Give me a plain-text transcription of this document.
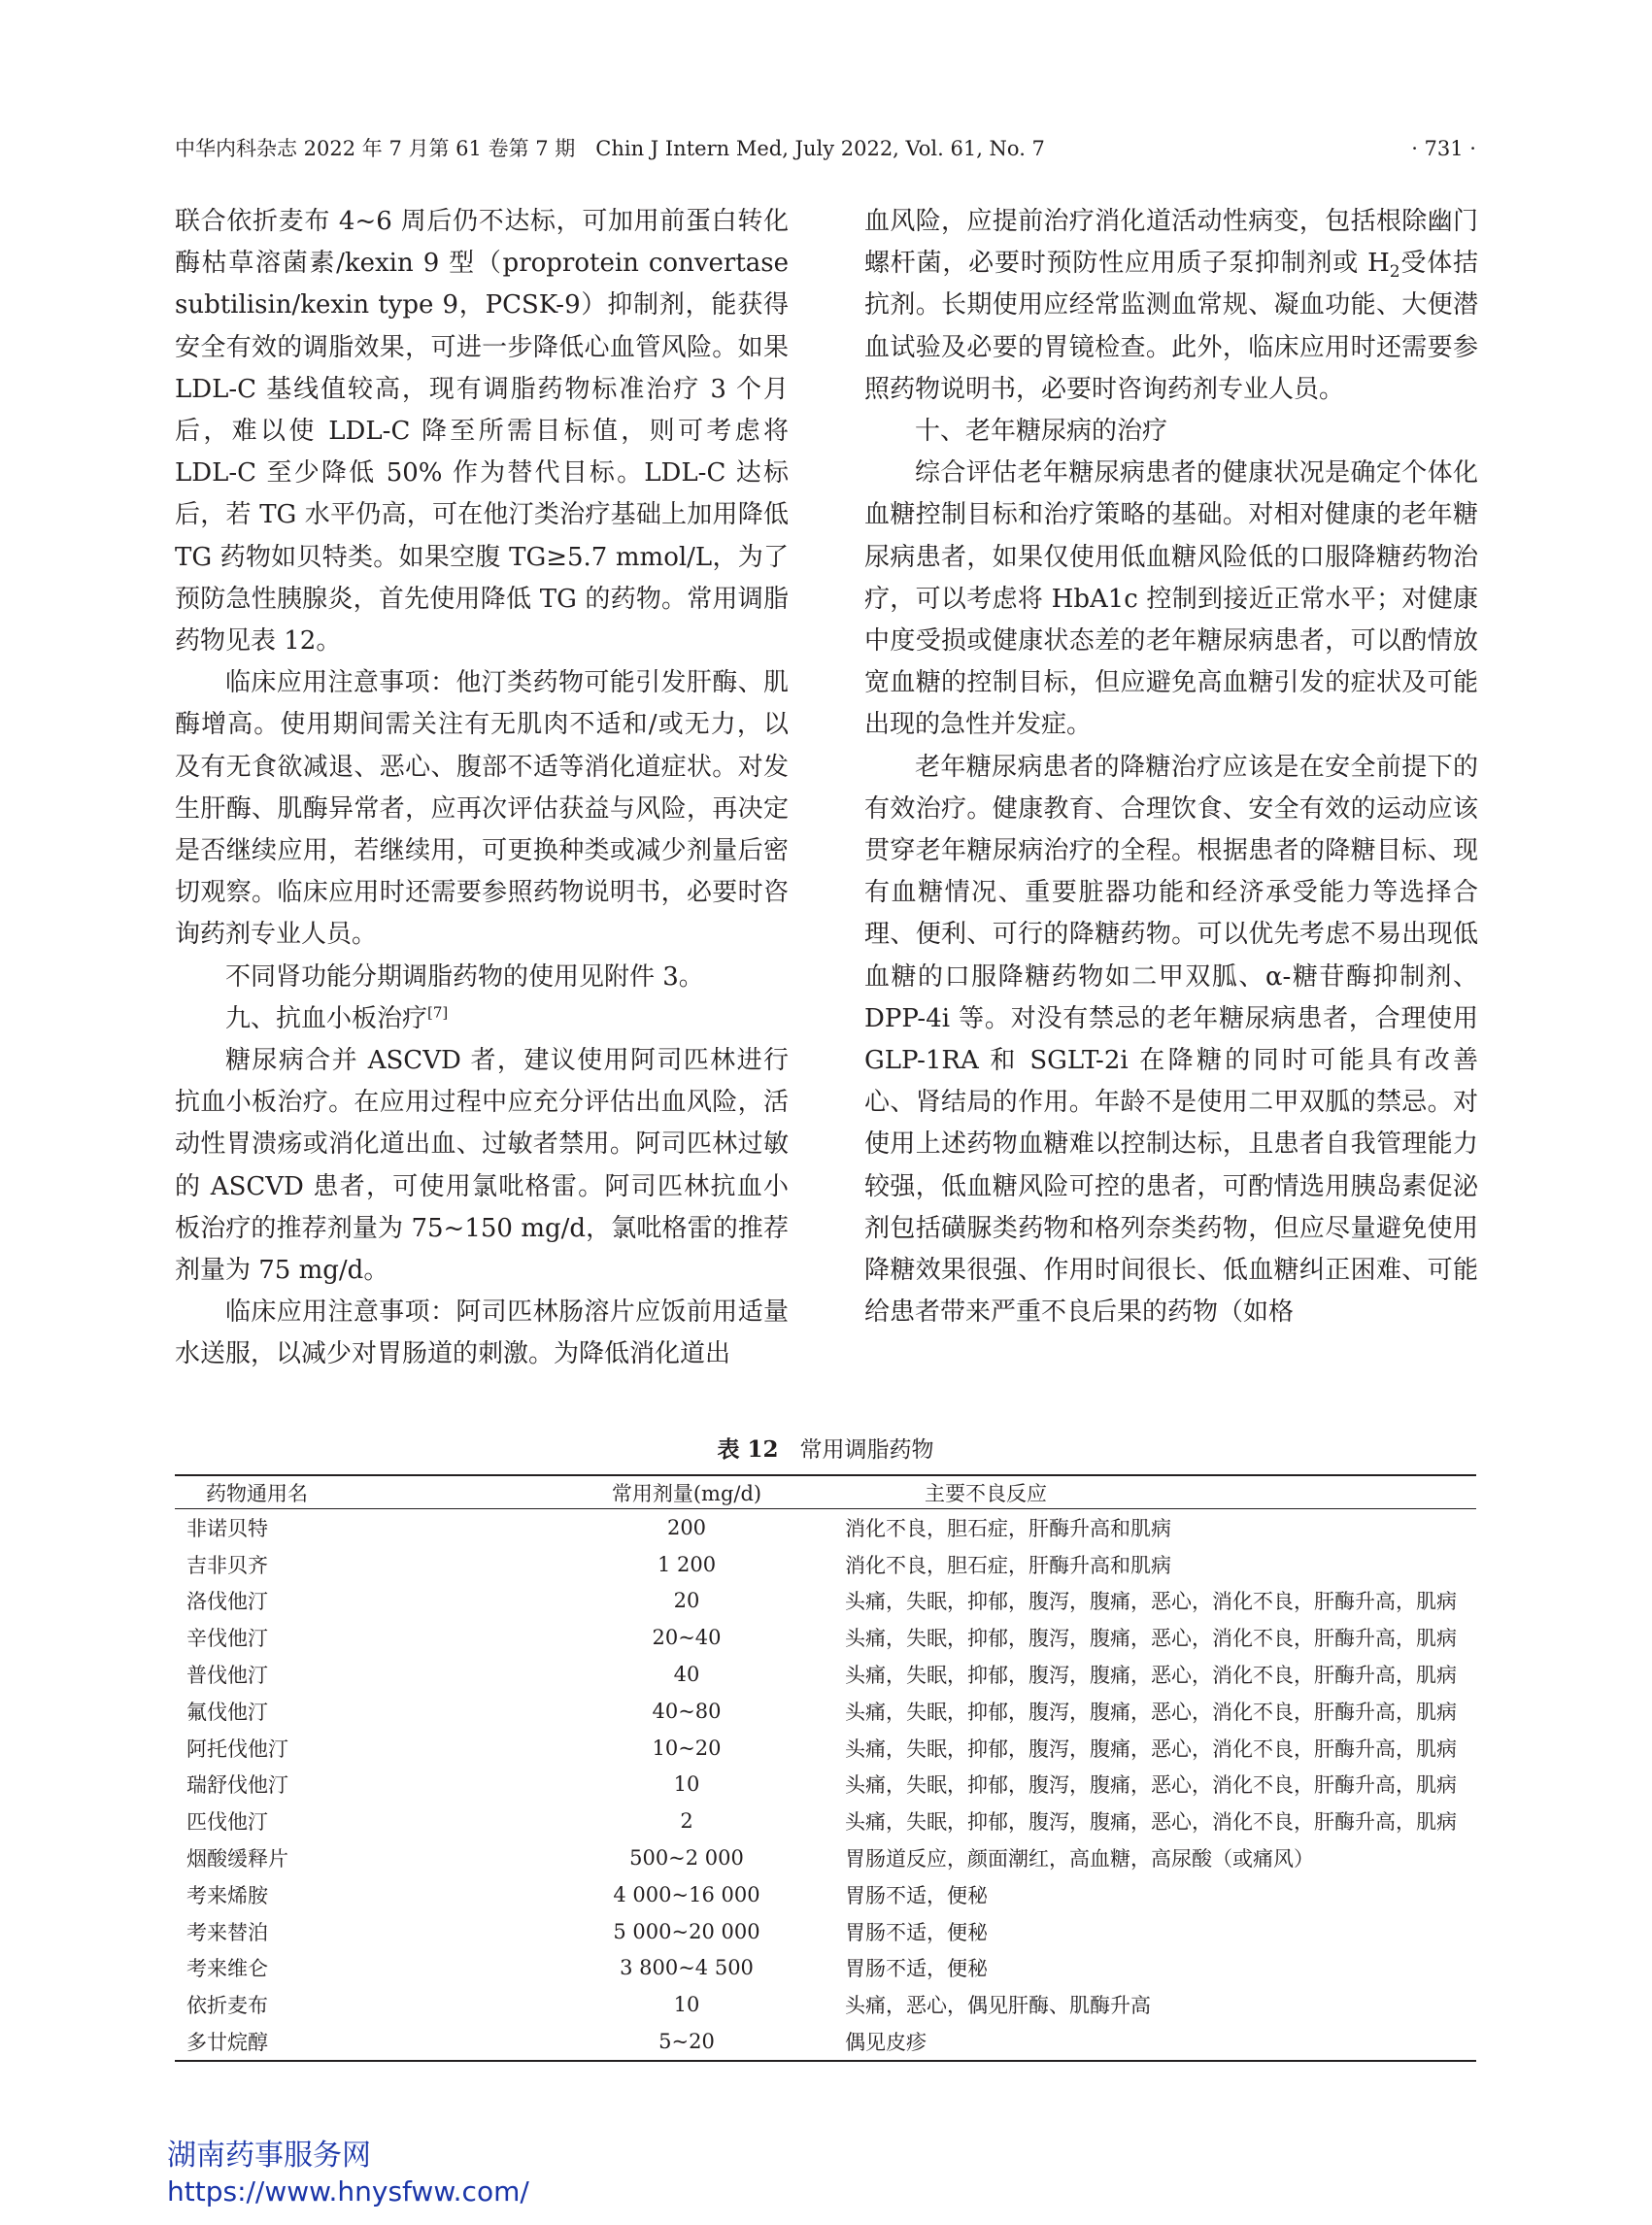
中华内科杂志 2022 年 7 月第 61 卷第 7 期　Chin J Intern Med, July 2022, Vol. 61, No. 7	· 731 ·

联合依折麦布 4~6 周后仍不达标，可加用前蛋白转化酶枯草溶菌素/kexin 9 型（proprotein convertase subtilisin/kexin type 9，PCSK-9）抑制剂，能获得安全有效的调脂效果，可进一步降低心血管风险。如果 LDL-C 基线值较高，现有调脂药物标准治疗 3 个月后，难以使 LDL-C 降至所需目标值，则可考虑将 LDL-C 至少降低 50% 作为替代目标。LDL-C 达标后，若 TG 水平仍高，可在他汀类治疗基础上加用降低 TG 药物如贝特类。如果空腹 TG≥5.7 mmol/L，为了预防急性胰腺炎，首先使用降低 TG 的药物。常用调脂药物见表 12。

临床应用注意事项：他汀类药物可能引发肝酶、肌酶增高。使用期间需关注有无肌肉不适和/或无力，以及有无食欲减退、恶心、腹部不适等消化道症状。对发生肝酶、肌酶异常者，应再次评估获益与风险，再决定是否继续应用，若继续用，可更换种类或减少剂量后密切观察。临床应用时还需要参照药物说明书，必要时咨询药剂专业人员。

不同肾功能分期调脂药物的使用见附件 3。

九、抗血小板治疗[7]

糖尿病合并 ASCVD 者，建议使用阿司匹林进行抗血小板治疗。在应用过程中应充分评估出血风险，活动性胃溃疡或消化道出血、过敏者禁用。阿司匹林过敏的 ASCVD 患者，可使用氯吡格雷。阿司匹林抗血小板治疗的推荐剂量为 75~150 mg/d，氯吡格雷的推荐剂量为 75 mg/d。

临床应用注意事项：阿司匹林肠溶片应饭前用适量水送服，以减少对胃肠道的刺激。为降低消化道出

血风险，应提前治疗消化道活动性病变，包括根除幽门螺杆菌，必要时预防性应用质子泵抑制剂或 $H_2$受体拮抗剂。长期使用应经常监测血常规、凝血功能、大便潜血试验及必要的胃镜检查。此外，临床应用时还需要参照药物说明书，必要时咨询药剂专业人员。

十、老年糖尿病的治疗

综合评估老年糖尿病患者的健康状况是确定个体化血糖控制目标和治疗策略的基础。对相对健康的老年糖尿病患者，如果仅使用低血糖风险低的口服降糖药物治疗，可以考虑将 HbA1c 控制到接近正常水平；对健康中度受损或健康状态差的老年糖尿病患者，可以酌情放宽血糖的控制目标，但应避免高血糖引发的症状及可能出现的急性并发症。

老年糖尿病患者的降糖治疗应该是在安全前提下的有效治疗。健康教育、合理饮食、安全有效的运动应该贯穿老年糖尿病治疗的全程。根据患者的降糖目标、现有血糖情况、重要脏器功能和经济承受能力等选择合理、便利、可行的降糖药物。可以优先考虑不易出现低血糖的口服降糖药物如二甲双胍、α-糖苷酶抑制剂、DPP-4i 等。对没有禁忌的老年糖尿病患者，合理使用 GLP-1RA 和 SGLT-2i 在降糖的同时可能具有改善心、肾结局的作用。年龄不是使用二甲双胍的禁忌。对使用上述药物血糖难以控制达标，且患者自我管理能力较强，低血糖风险可控的患者，可酌情选用胰岛素促泌剂包括磺脲类药物和格列奈类药物，但应尽量避免使用降糖效果很强、作用时间很长、低血糖纠正困难、可能给患者带来严重不良后果的药物（如格

表 12 常用调脂药物
药物通用名	常用剂量(mg/d)	主要不良反应
非诺贝特	200	消化不良，胆石症，肝酶升高和肌病
吉非贝齐	1 200	消化不良，胆石症，肝酶升高和肌病
洛伐他汀	20	头痛，失眠，抑郁，腹泻，腹痛，恶心，消化不良，肝酶升高，肌病
辛伐他汀	20~40	头痛，失眠，抑郁，腹泻，腹痛，恶心，消化不良，肝酶升高，肌病
普伐他汀	40	头痛，失眠，抑郁，腹泻，腹痛，恶心，消化不良，肝酶升高，肌病
氟伐他汀	40~80	头痛，失眠，抑郁，腹泻，腹痛，恶心，消化不良，肝酶升高，肌病
阿托伐他汀	10~20	头痛，失眠，抑郁，腹泻，腹痛，恶心，消化不良，肝酶升高，肌病
瑞舒伐他汀	10	头痛，失眠，抑郁，腹泻，腹痛，恶心，消化不良，肝酶升高，肌病
匹伐他汀	2	头痛，失眠，抑郁，腹泻，腹痛，恶心，消化不良，肝酶升高，肌病
烟酸缓释片	500~2 000	胃肠道反应，颜面潮红，高血糖，高尿酸（或痛风）
考来烯胺	4 000~16 000	胃肠不适，便秘
考来替泊	5 000~20 000	胃肠不适，便秘
考来维仑	3 800~4 500	胃肠不适，便秘
依折麦布	10	头痛，恶心，偶见肝酶、肌酶升高
多廿烷醇	5~20	偶见皮疹
湖南药事服务网
https://www.hnysfww.com/
